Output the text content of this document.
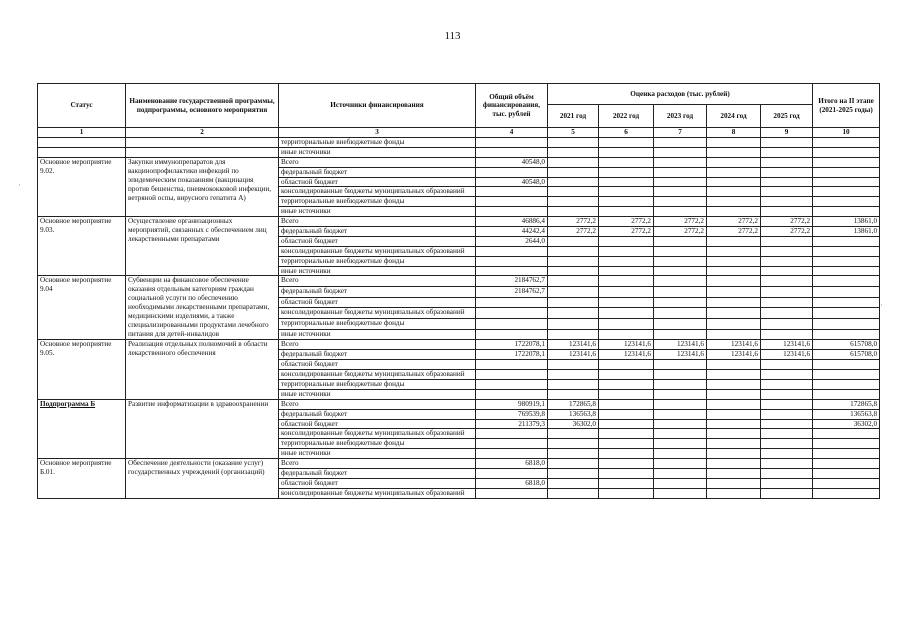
113
Статус	Наименование государственной программы, подпрограммы, основного мероприятия	Источники финансирования	Общий объём финансирования, тыс. рублей	Оценка расходов (тыс. рублей)					Итого на II этапе (2021-2025 годы)
				2021 год	2022 год	2023 год	2024 год	2025 год	
1	2	3	4	5	6	7	8	9	10
		территориальные внебюджетные фонды							
		иные источники							
Основное мероприятие 9.02.	Закупки иммунопрепаратов для вакцинопрофилактики инфекций по эпидемическим показаниям (вакцинация против бешенства, пневмококковой инфекции, ветряной оспы, вирусного гепатита А)	Всего	40548,0						
		федеральный бюджет							
		областной бюджет	40548,0						
		консолидированные бюджеты муниципальных образований							
		территориальные внебюджетные фонды							
		иные источники							
Основное мероприятие 9.03.	Осуществление организационных мероприятий, связанных с обеспечением лиц лекарственными препаратами	Всего	46886,4	2772,2	2772,2	2772,2	2772,2	2772,2	13861,0
		федеральный бюджет	44242,4	2772,2	2772,2	2772,2	2772,2	2772,2	13861,0
		областной бюджет	2644,0						
		консолидированные бюджеты муниципальных образований							
		территориальные внебюджетные фонды							
		иные источники							
Основное мероприятие 9.04	Субвенции на финансовое обеспечение оказания отдельным категориям граждан социальной услуги по обеспечению необходимыми лекарственными препаратами, медицинскими изделиями, а также специализированными продуктами лечебного питания для детей-инвалидов	Всего	2184762,7						
		федеральный бюджет	2184762,7						
		областной бюджет							
		консолидированные бюджеты муниципальных образований							
		территориальные внебюджетные фонды							
		иные источники							
Основное мероприятие 9.05.	Реализация отдельных полномочий в области лекарственного обеспечения	Всего	1722078,1	123141,6	123141,6	123141,6	123141,6	123141,6	615708,0
		федеральный бюджет	1722078,1	123141,6	123141,6	123141,6	123141,6	123141,6	615708,0
		областной бюджет							
		консолидированные бюджеты муниципальных образований							
		территориальные внебюджетные фонды							
		иные источники							
Подпрограмма Б	Развитие информатизации в здравоохранении	Всего	980919,1	172865,8					172865,8
		федеральный бюджет	769539,8	136563,8					136563,8
		областной бюджет	211379,3	36302,0					36302,0
		консолидированные бюджеты муниципальных образований							
		территориальные внебюджетные фонды							
		иные источники							
Основное мероприятие Б.01.	Обеспечение деятельности (оказание услуг) государственных учреждений (организаций)	Всего	6818,0						
		федеральный бюджет							
		областной бюджет	6818,0						
		консолидированные бюджеты муниципальных образований							
·
·
